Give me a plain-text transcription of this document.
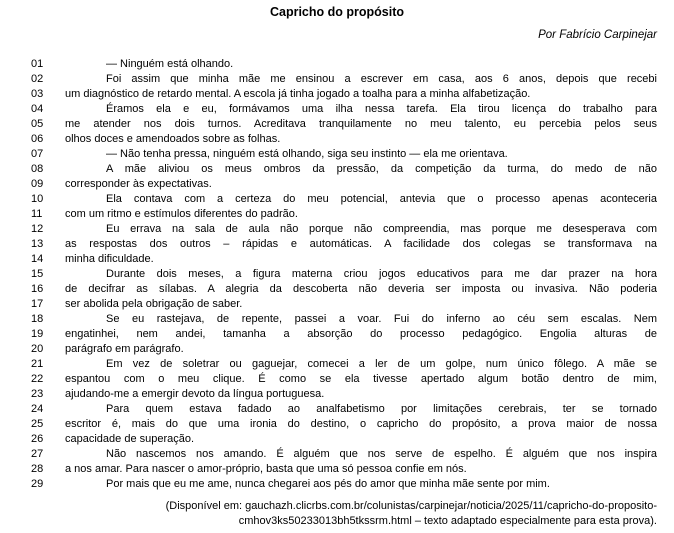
Capricho do propósito
Por Fabrício Carpinejar
01	— Ninguém está olhando.
02	Foi assim que minha mãe me ensinou a escrever em casa, aos 6 anos, depois que recebi
03	um diagnóstico de retardo mental. A escola já tinha jogado a toalha para a minha alfabetização.
04	Éramos ela e eu, formávamos uma ilha nessa tarefa. Ela tirou licença do trabalho para
05	me atender nos dois turnos. Acreditava tranquilamente no meu talento, eu percebia pelos seus
06	olhos doces e amendoados sobre as folhas.
07	— Não tenha pressa, ninguém está olhando, siga seu instinto — ela me orientava.
08	A mãe aliviou os meus ombros da pressão, da competição da turma, do medo de não
09	corresponder às expectativas.
10	Ela contava com a certeza do meu potencial, antevia que o processo apenas aconteceria
11	com um ritmo e estímulos diferentes do padrão.
12	Eu errava na sala de aula não porque não compreendia, mas porque me desesperava com
13	as respostas dos outros – rápidas e automáticas. A facilidade dos colegas se transformava na
14	minha dificuldade.
15	Durante dois meses, a figura materna criou jogos educativos para me dar prazer na hora
16	de decifrar as sílabas. A alegria da descoberta não deveria ser imposta ou invasiva. Não poderia
17	ser abolida pela obrigação de saber.
18	Se eu rastejava, de repente, passei a voar. Fui do inferno ao céu sem escalas. Nem
19	engatinhei, nem andei, tamanha a absorção do processo pedagógico. Engolia alturas de
20	parágrafo em parágrafo.
21	Em vez de soletrar ou gaguejar, comecei a ler de um golpe, num único fôlego. A mãe se
22	espantou com o meu clique. É como se ela tivesse apertado algum botão dentro de mim,
23	ajudando-me a emergir devoto da língua portuguesa.
24	Para quem estava fadado ao analfabetismo por limitações cerebrais, ter se tornado
25	escritor é, mais do que uma ironia do destino, o capricho do propósito, a prova maior de nossa
26	capacidade de superação.
27	Não nascemos nos amando. É alguém que nos serve de espelho. É alguém que nos inspira
28	a nos amar. Para nascer o amor-próprio, basta que uma só pessoa confie em nós.
29	Por mais que eu me ame, nunca chegarei aos pés do amor que minha mãe sente por mim.
(Disponível em: gauchazh.clicrbs.com.br/colunistas/carpinejar/noticia/2025/11/capricho-do-proposito-
cmhov3ks50233013bh5tkssrm.html – texto adaptado especialmente para esta prova).
